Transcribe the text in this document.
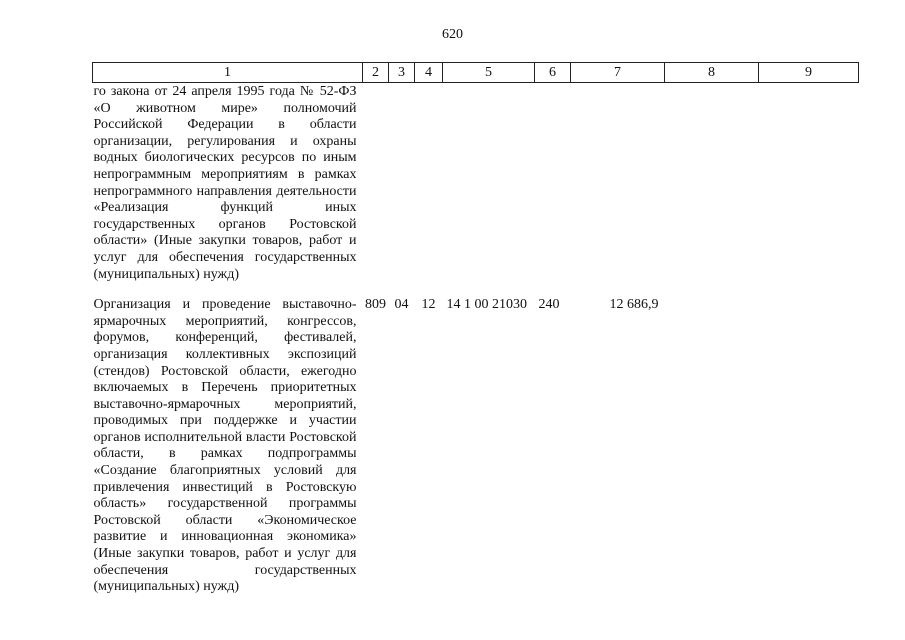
620
1	2	3	4	5	6	7	8	9
го закона от 24 апреля 1995 года № 52-ФЗ «О животном мире» полномочий Российской Федерации в области организации, регулирования и охраны водных биологических ресурсов по иным непрограммным мероприятиям в рамках непрограммного направления деятельности «Реализация функций иных государственных органов Ростовской области» (Иные закупки товаров, работ и услуг для обеспечения государственных (муниципальных) нужд)								
Организация и проведение выставочно-ярмарочных мероприятий, конгрессов, форумов, конференций, фестивалей, организация коллективных экспозиций (стендов) Ростовской области, ежегодно включаемых в Перечень приоритетных выставочно-ярмарочных мероприятий, проводимых при поддержке и участии органов исполнительной власти Ростовской области, в рамках подпрограммы «Создание благоприятных условий для привлечения инвестиций в Ростовскую область» государственной программы Ростовской области «Экономическое развитие и инновационная экономика» (Иные закупки товаров, работ и услуг для обеспечения государственных (муниципальных) нужд)	809	04	12	14 1 00 21030	240	12 686,9		
